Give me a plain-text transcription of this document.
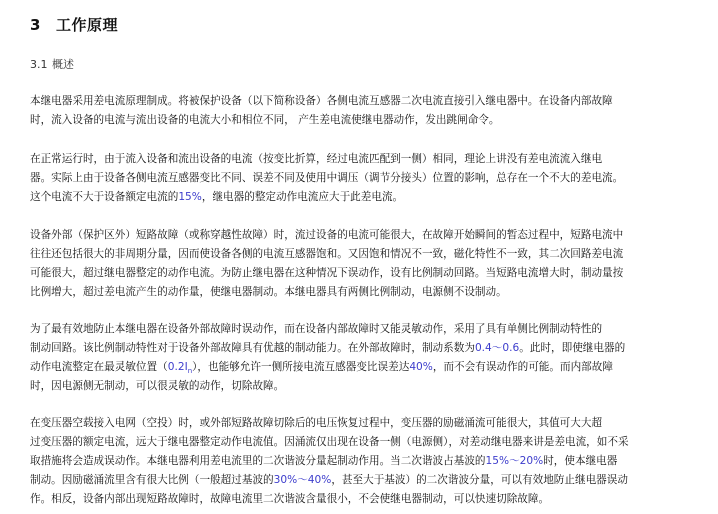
3 工作原理
3.1 概述
本继电器采用差电流原理制成。将被保护设备（以下简称设备）各侧电流互感器二次电流直接引入继电器中。在设备内部故障
时，流入设备的电流与流出设备的电流大小和相位不同， 产生差电流使继电器动作，发出跳闸命令。
在正常运行时，由于流入设备和流出设备的电流（按变比折算，经过电流匹配到一侧）相同，理论上讲没有差电流流入继电
器。实际上由于设备各侧电流互感器变比不同、误差不同及使用中调压（调节分接头）位置的影响，总存在一个不大的差电流。
这个电流不大于设备额定电流的15%，继电器的整定动作电流应大于此差电流。
设备外部（保护区外）短路故障（或称穿越性故障）时，流过设备的电流可能很大，在故障开始瞬间的暂态过程中，短路电流中
往往还包括很大的非周期分量，因而使设备各侧的电流互感器饱和。又因饱和情况不一致，磁化特性不一致，其二次回路差电流
可能很大，超过继电器整定的动作电流。为防止继电器在这种情况下误动作，设有比例制动回路。当短路电流增大时，制动量按
比例增大，超过差电流产生的动作量，使继电器制动。本继电器具有两侧比例制动，电源侧不设制动。
为了最有效地防止本继电器在设备外部故障时误动作，而在设备内部故障时又能灵敏动作，采用了具有单侧比例制动特性的
制动回路。该比例制动特性对于设备外部故障具有优越的制动能力。在外部故障时，制动系数为0.4～0.6。此时，即使继电器的
动作电流整定在最灵敏位置$(0.2I_n)$，也能够允许一侧所接电流互感器变比误差达40%，而不会有误动作的可能。而内部故障
时，因电源侧无制动，可以很灵敏的动作，切除故障。
在变压器空载接入电网（空投）时，或外部短路故障切除后的电压恢复过程中，变压器的励磁涌流可能很大，其值可大大超
过变压器的额定电流，远大于继电器整定动作电流值。因涌流仅出现在设备一侧（电源侧），对差动继电器来讲是差电流，如不采
取措施将会造成误动作。本继电器利用差电流里的二次谐波分量起制动作用。当二次谐波占基波的15%～20%时，使本继电器
制动。因励磁涌流里含有很大比例（一般超过基波的30%～40%，甚至大于基波）的二次谐波分量，可以有效地防止继电器误动
作。相反，设备内部出现短路故障时，故障电流里二次谐波含量很小，不会使继电器制动，可以快速切除故障。
